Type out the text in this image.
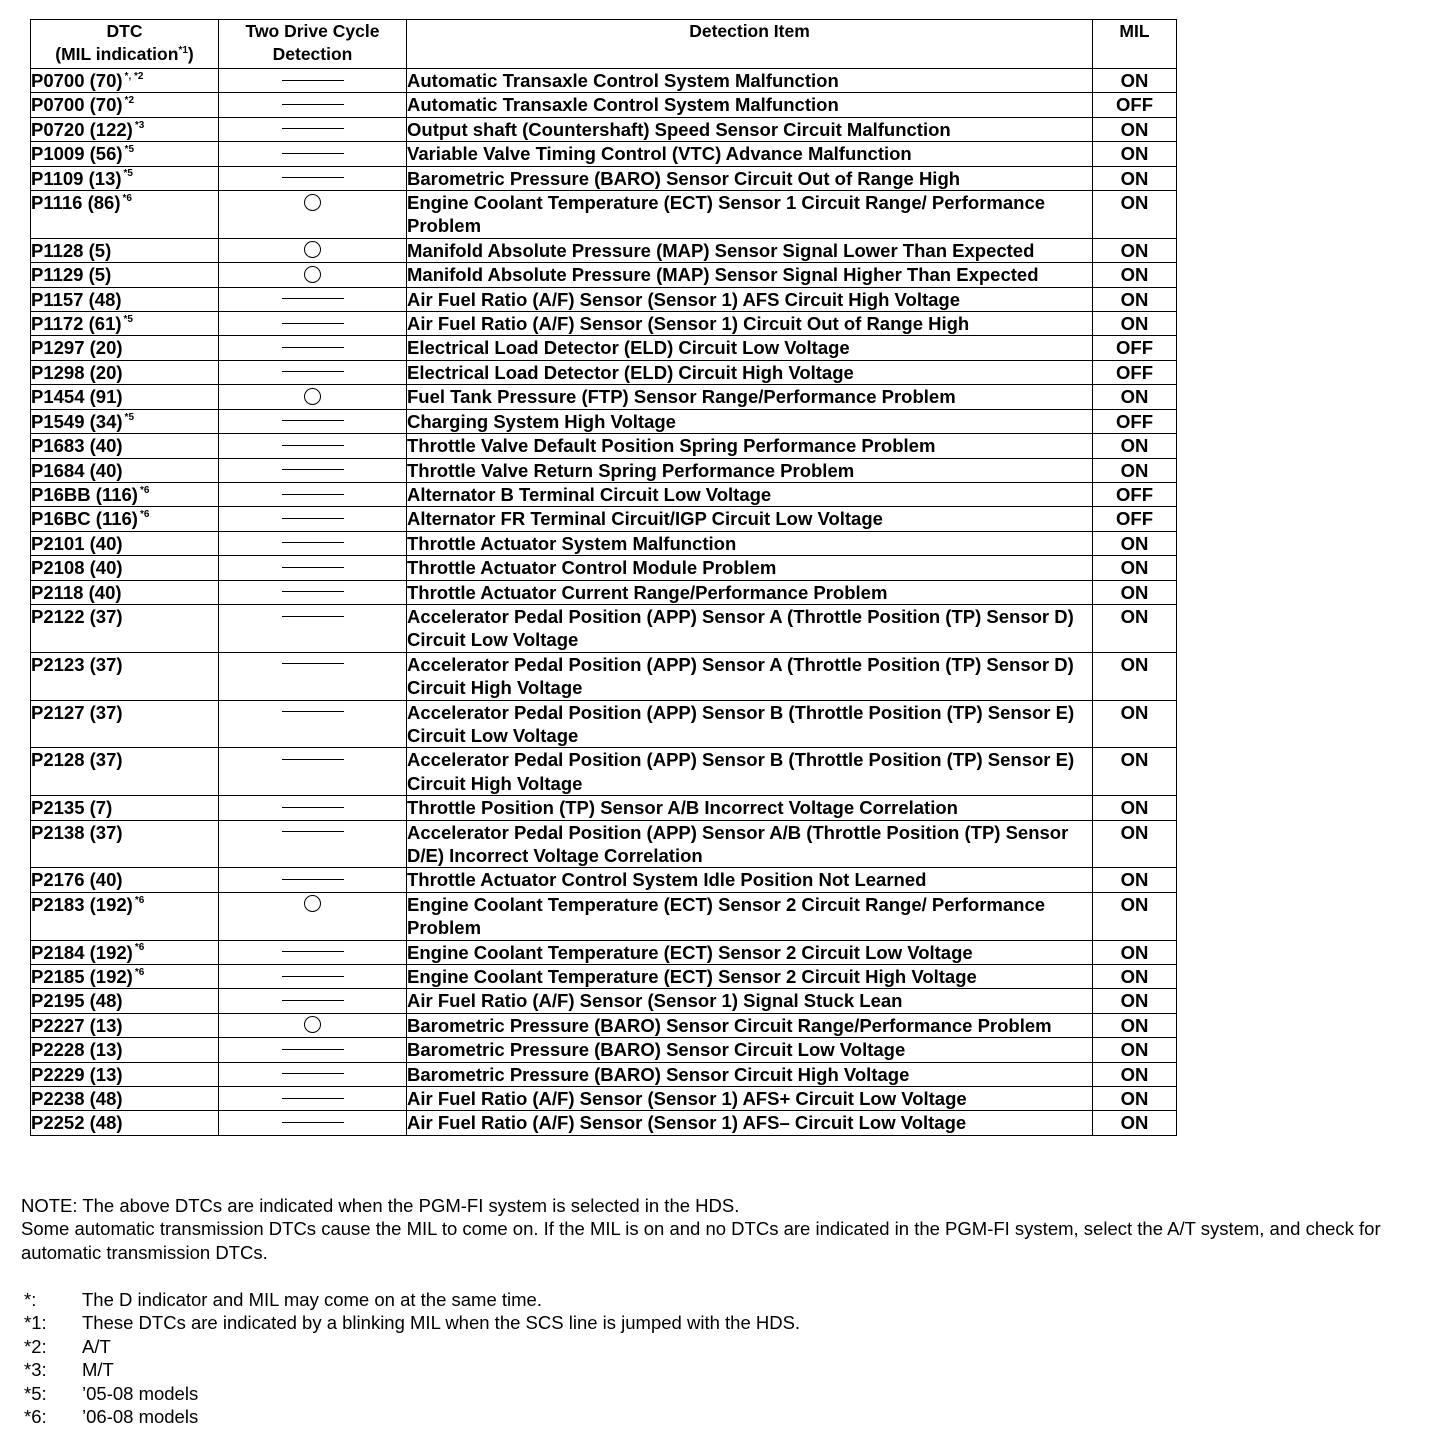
DTC
(MIL indication$^{*1}$)	Two Drive Cycle Detection	Detection Item	MIL
P0700 (70) $^{*, *2}$		Automatic Transaxle Control System Malfunction	ON
P0700 (70) $^{*2}$		Automatic Transaxle Control System Malfunction	OFF
P0720 (122) $^{*3}$		Output shaft (Countershaft) Speed Sensor Circuit Malfunction	ON
P1009 (56) $^{*5}$		Variable Valve Timing Control (VTC) Advance Malfunction	ON
P1109 (13) $^{*5}$		Barometric Pressure (BARO) Sensor Circuit Out of Range High	ON
P1116 (86) $^{*6}$		Engine Coolant Temperature (ECT) Sensor 1 Circuit Range/ Performance Problem	ON
P1128 (5)		Manifold Absolute Pressure (MAP) Sensor Signal Lower Than Expected	ON
P1129 (5)		Manifold Absolute Pressure (MAP) Sensor Signal Higher Than Expected	ON
P1157 (48)		Air Fuel Ratio (A/F) Sensor (Sensor 1) AFS Circuit High Voltage	ON
P1172 (61) $^{*5}$		Air Fuel Ratio (A/F) Sensor (Sensor 1) Circuit Out of Range High	ON
P1297 (20)		Electrical Load Detector (ELD) Circuit Low Voltage	OFF
P1298 (20)		Electrical Load Detector (ELD) Circuit High Voltage	OFF
P1454 (91)		Fuel Tank Pressure (FTP) Sensor Range/Performance Problem	ON
P1549 (34) $^{*5}$		Charging System High Voltage	OFF
P1683 (40)		Throttle Valve Default Position Spring Performance Problem	ON
P1684 (40)		Throttle Valve Return Spring Performance Problem	ON
P16BB (116) $^{*6}$		Alternator B Terminal Circuit Low Voltage	OFF
P16BC (116) $^{*6}$		Alternator FR Terminal Circuit/IGP Circuit Low Voltage	OFF
P2101 (40)		Throttle Actuator System Malfunction	ON
P2108 (40)		Throttle Actuator Control Module Problem	ON
P2118 (40)		Throttle Actuator Current Range/Performance Problem	ON
P2122 (37)		Accelerator Pedal Position (APP) Sensor A (Throttle Position (TP) Sensor D) Circuit Low Voltage	ON
P2123 (37)		Accelerator Pedal Position (APP) Sensor A (Throttle Position (TP) Sensor D) Circuit High Voltage	ON
P2127 (37)		Accelerator Pedal Position (APP) Sensor B (Throttle Position (TP) Sensor E) Circuit Low Voltage	ON
P2128 (37)		Accelerator Pedal Position (APP) Sensor B (Throttle Position (TP) Sensor E) Circuit High Voltage	ON
P2135 (7)		Throttle Position (TP) Sensor A/B Incorrect Voltage Correlation	ON
P2138 (37)		Accelerator Pedal Position (APP) Sensor A/B (Throttle Position (TP) Sensor D/E) Incorrect Voltage Correlation	ON
P2176 (40)		Throttle Actuator Control System Idle Position Not Learned	ON
P2183 (192) $^{*6}$		Engine Coolant Temperature (ECT) Sensor 2 Circuit Range/ Performance Problem	ON
P2184 (192) $^{*6}$		Engine Coolant Temperature (ECT) Sensor 2 Circuit Low Voltage	ON
P2185 (192) $^{*6}$		Engine Coolant Temperature (ECT) Sensor 2 Circuit High Voltage	ON
P2195 (48)		Air Fuel Ratio (A/F) Sensor (Sensor 1) Signal Stuck Lean	ON
P2227 (13)		Barometric Pressure (BARO) Sensor Circuit Range/Performance Problem	ON
P2228 (13)		Barometric Pressure (BARO) Sensor Circuit Low Voltage	ON
P2229 (13)		Barometric Pressure (BARO) Sensor Circuit High Voltage	ON
P2238 (48)		Air Fuel Ratio (A/F) Sensor (Sensor 1) AFS+ Circuit Low Voltage	ON
P2252 (48)		Air Fuel Ratio (A/F) Sensor (Sensor 1) AFS– Circuit Low Voltage	ON

NOTE: The above DTCs are indicated when the PGM-FI system is selected in the HDS.

Some automatic transmission DTCs cause the MIL to come on. If the MIL is on and no DTCs are indicated in the PGM-FI system, select the A/T system, and check for automatic transmission DTCs.

*:	The D indicator and MIL may come on at the same time.
*1:	These DTCs are indicated by a blinking MIL when the SCS line is jumped with the HDS.
*2:	A/T
*3:	M/T
*5:	’05-08 models
*6:	’06-08 models
